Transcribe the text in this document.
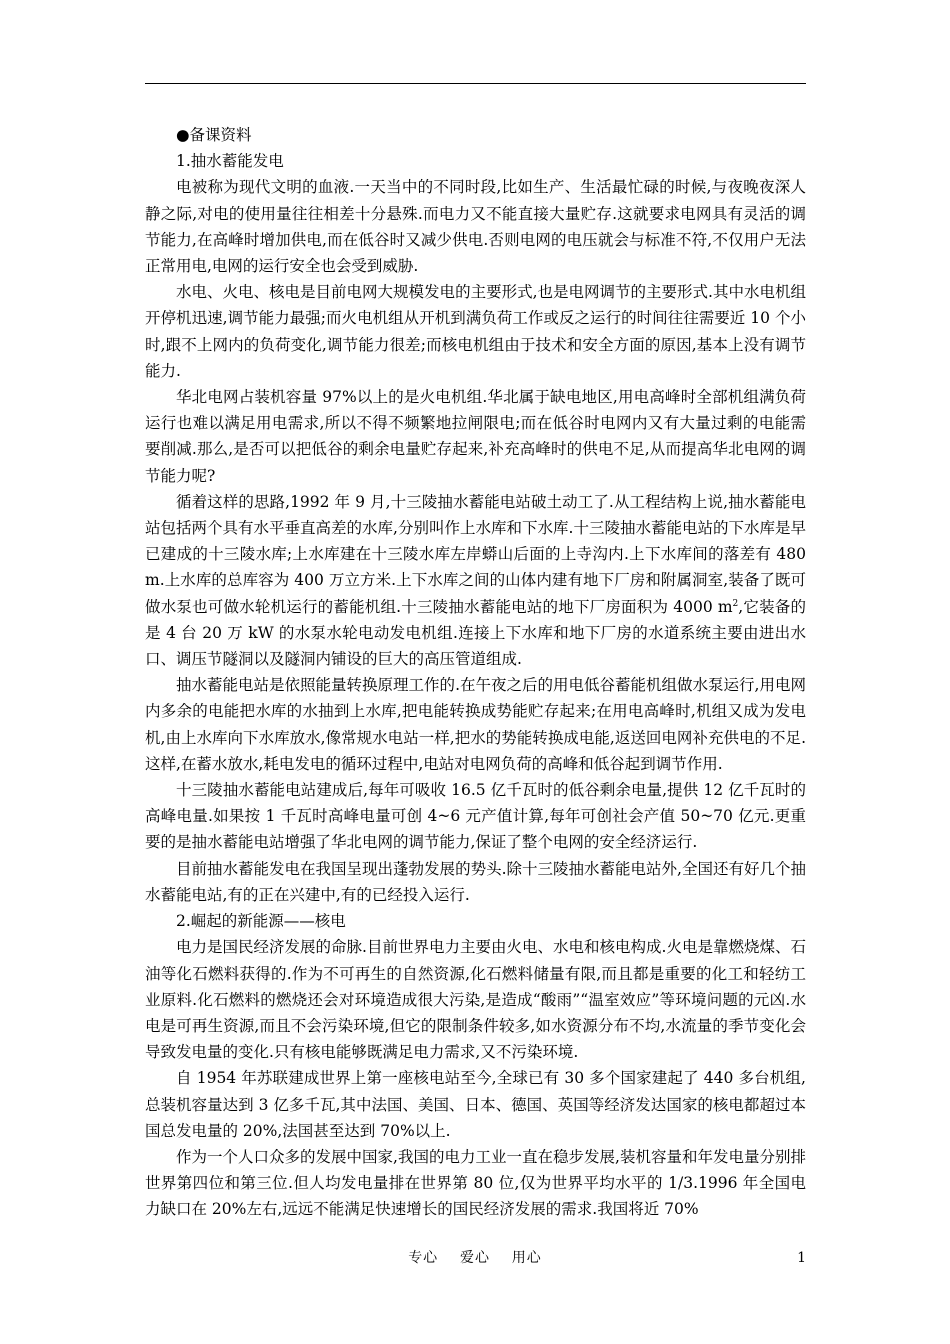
●备课资料

1.抽水蓄能发电

电被称为现代文明的血液.一天当中的不同时段,比如生产、生活最忙碌的时候,与夜晚夜深人静之际,对电的使用量往往相差十分悬殊.而电力又不能直接大量贮存.这就要求电网具有灵活的调节能力,在高峰时增加供电,而在低谷时又减少供电.否则电网的电压就会与标准不符,不仅用户无法正常用电,电网的运行安全也会受到威胁.

水电、火电、核电是目前电网大规模发电的主要形式,也是电网调节的主要形式.其中水电机组开停机迅速,调节能力最强;而火电机组从开机到满负荷工作或反之运行的时间往往需要近 10 个小时,跟不上网内的负荷变化,调节能力很差;而核电机组由于技术和安全方面的原因,基本上没有调节能力.

华北电网占装机容量 97%以上的是火电机组.华北属于缺电地区,用电高峰时全部机组满负荷运行也难以满足用电需求,所以不得不频繁地拉闸限电;而在低谷时电网内又有大量过剩的电能需要削减.那么,是否可以把低谷的剩余电量贮存起来,补充高峰时的供电不足,从而提高华北电网的调节能力呢?

循着这样的思路,1992 年 9 月,十三陵抽水蓄能电站破土动工了.从工程结构上说,抽水蓄能电站包括两个具有水平垂直高差的水库,分别叫作上水库和下水库.十三陵抽水蓄能电站的下水库是早已建成的十三陵水库;上水库建在十三陵水库左岸蟒山后面的上寺沟内.上下水库间的落差有 480 m.上水库的总库容为 400 万立方米.上下水库之间的山体内建有地下厂房和附属洞室,装备了既可做水泵也可做水轮机运行的蓄能机组.十三陵抽水蓄能电站的地下厂房面积为 4000 $m^2$,它装备的是 4 台 20 万 kW 的水泵水轮电动发电机组.连接上下水库和地下厂房的水道系统主要由进出水口、调压节隧洞以及隧洞内铺设的巨大的高压管道组成.

抽水蓄能电站是依照能量转换原理工作的.在午夜之后的用电低谷蓄能机组做水泵运行,用电网内多余的电能把水库的水抽到上水库,把电能转换成势能贮存起来;在用电高峰时,机组又成为发电机,由上水库向下水库放水,像常规水电站一样,把水的势能转换成电能,返送回电网补充供电的不足.这样,在蓄水放水,耗电发电的循环过程中,电站对电网负荷的高峰和低谷起到调节作用.

十三陵抽水蓄能电站建成后,每年可吸收 16.5 亿千瓦时的低谷剩余电量,提供 12 亿千瓦时的高峰电量.如果按 1 千瓦时高峰电量可创 4~6 元产值计算,每年可创社会产值 50~70 亿元.更重要的是抽水蓄能电站增强了华北电网的调节能力,保证了整个电网的安全经济运行.

目前抽水蓄能发电在我国呈现出蓬勃发展的势头.除十三陵抽水蓄能电站外,全国还有好几个抽水蓄能电站,有的正在兴建中,有的已经投入运行.

2.崛起的新能源——核电

电力是国民经济发展的命脉.目前世界电力主要由火电、水电和核电构成.火电是靠燃烧煤、石油等化石燃料获得的.作为不可再生的自然资源,化石燃料储量有限,而且都是重要的化工和轻纺工业原料.化石燃料的燃烧还会对环境造成很大污染,是造成“酸雨”“温室效应”等环境问题的元凶.水电是可再生资源,而且不会污染环境,但它的限制条件较多,如水资源分布不均,水流量的季节变化会导致发电量的变化.只有核电能够既满足电力需求,又不污染环境.

自 1954 年苏联建成世界上第一座核电站至今,全球已有 30 多个国家建起了 440 多台机组,总装机容量达到 3 亿多千瓦,其中法国、美国、日本、德国、英国等经济发达国家的核电都超过本国总发电量的 20%,法国甚至达到 70%以上.

作为一个人口众多的发展中国家,我国的电力工业一直在稳步发展,装机容量和年发电量分别排世界第四位和第三位.但人均发电量排在世界第 80 位,仅为世界平均水平的 1/3.1996 年全国电力缺口在 20%左右,远远不能满足快速增长的国民经济发展的需求.我国将近 70%

专心    爱心    用心	1
